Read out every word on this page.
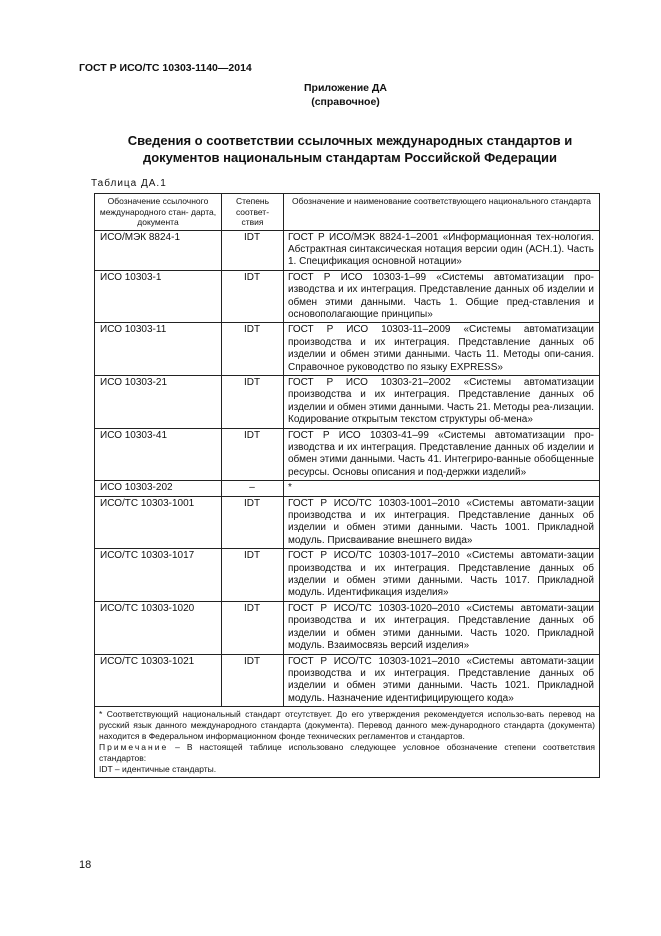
ГОСТ Р ИСО/ТС 10303-1140—2014
Приложение ДА
(справочное)
Сведения о соответствии ссылочных международных стандартов и
документов национальным стандартам Российской Федерации
Таблица ДА.1
Обозначение ссылочного международного стан- дарта, документа	Степень соответ- ствия	Обозначение и наименование соответствующего национального стандарта
ИСО/МЭК 8824-1	IDT	ГОСТ Р ИСО/МЭК 8824-1–2001 «Информационная тех-нология. Абстрактная синтаксическая нотация версии один (АСН.1). Часть 1. Спецификация основной нотации»
ИСО 10303-1	IDT	ГОСТ Р ИСО 10303-1–99 «Системы автоматизации про-изводства и их интеграция. Представление данных об изделии и обмен этими данными. Часть 1. Общие пред-ставления и основополагающие принципы»
ИСО 10303-11	IDT	ГОСТ Р ИСО 10303-11–2009 «Системы автоматизации производства и их интеграция. Представление данных об изделии и обмен этими данными. Часть 11. Методы опи-сания. Справочное руководство по языку EXPRESS»
ИСО 10303-21	IDT	ГОСТ Р ИСО 10303-21–2002 «Системы автоматизации производства и их интеграция. Представление данных об изделии и обмен этими данными. Часть 21. Методы реа-лизации. Кодирование открытым текстом структуры об-мена»
ИСО 10303-41	IDT	ГОСТ Р ИСО 10303-41–99 «Системы автоматизации про-изводства и их интеграция. Представление данных об изделии и обмен этими данными. Часть 41. Интегриро-ванные обобщенные ресурсы. Основы описания и под-держки изделий»
ИСО 10303-202	–	*
ИСО/ТС 10303-1001	IDT	ГОСТ Р ИСО/ТС 10303-1001–2010 «Системы автомати-зации производства и их интеграция. Представление данных об изделии и обмен этими данными. Часть 1001. Прикладной модуль. Присваивание внешнего вида»
ИСО/ТС 10303-1017	IDT	ГОСТ Р ИСО/ТС 10303-1017–2010 «Системы автомати-зации производства и их интеграция. Представление данных об изделии и обмен этими данными. Часть 1017. Прикладной модуль. Идентификация изделия»
ИСО/ТС 10303-1020	IDT	ГОСТ Р ИСО/ТС 10303-1020–2010 «Системы автомати-зации производства и их интеграция. Представление данных об изделии и обмен этими данными. Часть 1020. Прикладной модуль. Взаимосвязь версий изделия»
ИСО/ТС 10303-1021	IDT	ГОСТ Р ИСО/ТС 10303-1021–2010 «Системы автомати-зации производства и их интеграция. Представление данных об изделии и обмен этими данными. Часть 1021. Прикладной модуль. Назначение идентифицирующего кода»

* Соответствующий национальный стандарт отсутствует. До его утверждения рекомендуется использо-вать перевод на русский язык данного международного стандарта (документа). Перевод данного меж-дународного стандарта (документа) находится в Федеральном информационном фонде технических регламентов и стандартов.
Примечание – В настоящей таблице использовано следующее условное обозначение степени соответствия стандартов:
IDT – идентичные стандарты.		
18
